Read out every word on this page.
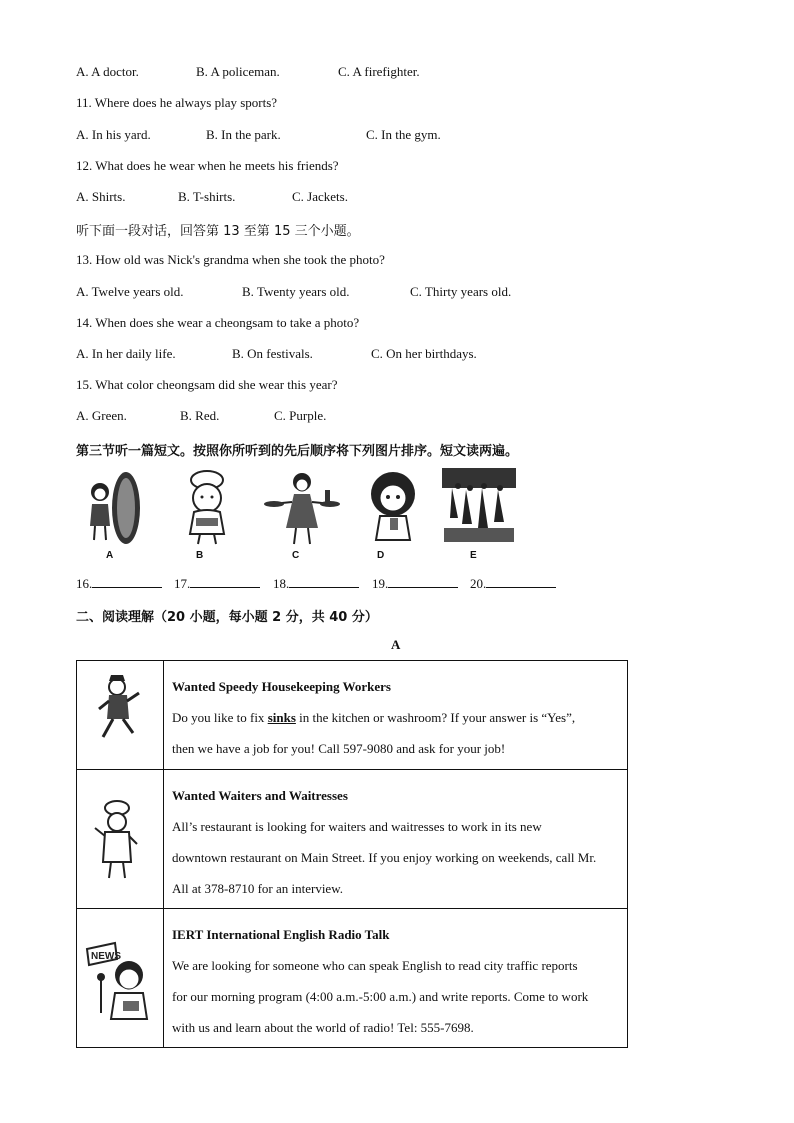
A. A doctor.	B. A policeman.	C. A firefighter.
11. Where does he always play sports?
A. In his yard.	B. In the park.	C. In the gym.
12. What does he wear when he meets his friends?
A. Shirts.	B. T-shirts.	C. Jackets.
听下面一段对话，回答第 13 至第 15 三个小题。
13. How old was Nick's grandma when she took the photo?
A. Twelve years old.	B. Twenty years old.	C. Thirty years old.
14. When does she wear a cheongsam to take a photo?
A. In her daily life.	B. On festivals.	C. On her birthdays.
15. What color cheongsam did she wear this year?
A. Green.	B. Red.	C. Purple.
第三节听一篇短文。按照你所听到的先后顺序将下列图片排序。短文读两遍。
A	B	C	D	E
16.	17.	18.	19.	20.
二、阅读理解（20 小题，每小题 2 分，共 40 分）
A

Wanted Speedy Housekeeping Workers
Do you like to fix sinks in the kitchen or washroom? If your answer is “Yes”,
then we have a job for you! Call 597-9080 and ask for your job!

Wanted Waiters and Waitresses
All’s restaurant is looking for waiters and waitresses to work in its new
downtown restaurant on Main Street. If you enjoy working on weekends, call Mr.
All at 378-8710 for an interview.

NEWS	IERT International English Radio Talk
We are looking for someone who can speak English to read city traffic reports
for our morning program (4:00 a.m.-5:00 a.m.) and write reports. Come to work
with us and learn about the world of radio! Tel: 555-7698.
